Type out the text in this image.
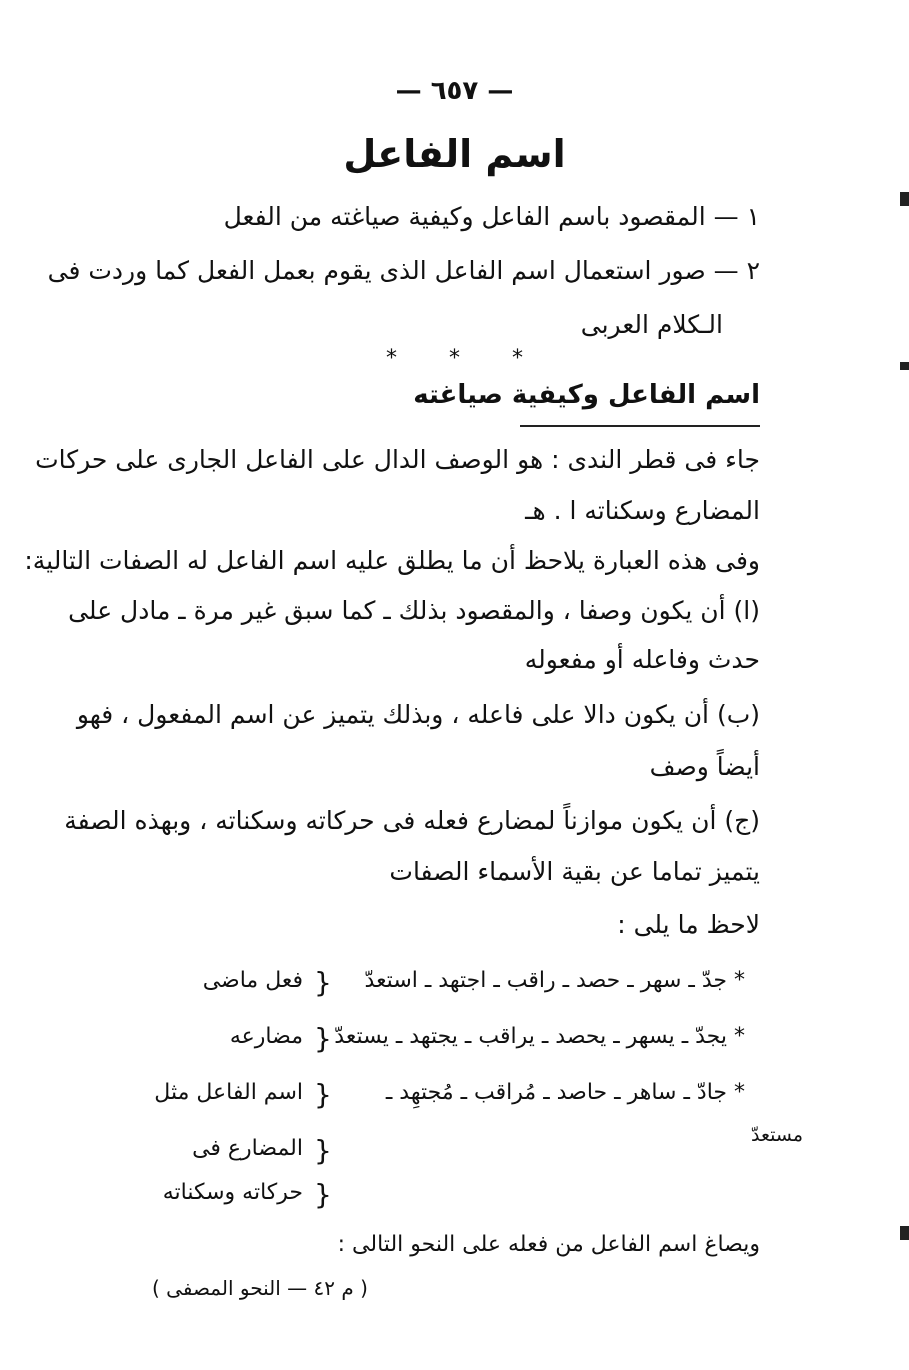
— ٦٥٧ —
اسم الفاعل
١ — المقصود باسم الفاعل وكيفية صياغته من الفعل
٢ — صور استعمال اسم الفاعل الذى يقوم بعمل الفعل كما وردت فى
الـكلام العربى
* * *
اسم الفاعل وكيفية صياغته
جاء فى قطر الندى : هو الوصف الدال على الفاعل الجارى على حركات
المضارع وسكناته ا . هـ
وفى هذه العبارة يلاحظ أن ما يطلق عليه اسم الفاعل له الصفات التالية:
(ا) أن يكون وصفا ، والمقصود بذلك ـ كما سبق غير مرة ـ مادل على
حدث وفاعله أو مفعوله
(ب) أن يكون دالا على فاعله ، وبذلك يتميز عن اسم المفعول ، فهو
أيضاً وصف
(ج) أن يكون موازناً لمضارع فعله فى حركاته وسكناته ، وبهذه الصفة
يتميز تماما عن بقية الأسماء الصفات
لاحظ ما يلى :
* جدّ ـ سهر ـ حصد ـ راقب ـ اجتهد ـ استعدّ
}
فعل ماضى
* يجدّ ـ يسهر ـ يحصد ـ يراقب ـ يجتهد ـ يستعدّ
}
مضارعه
* جادّ ـ ساهر ـ حاصد ـ مُراقب ـ مُجتهِد ـ
}
اسم الفاعل مثل
مستعدّ
}
المضارع فى
}
حركاته وسكناته
ويصاغ اسم الفاعل من فعله على النحو التالى :
( م ٤٢ — النحو المصفى )
